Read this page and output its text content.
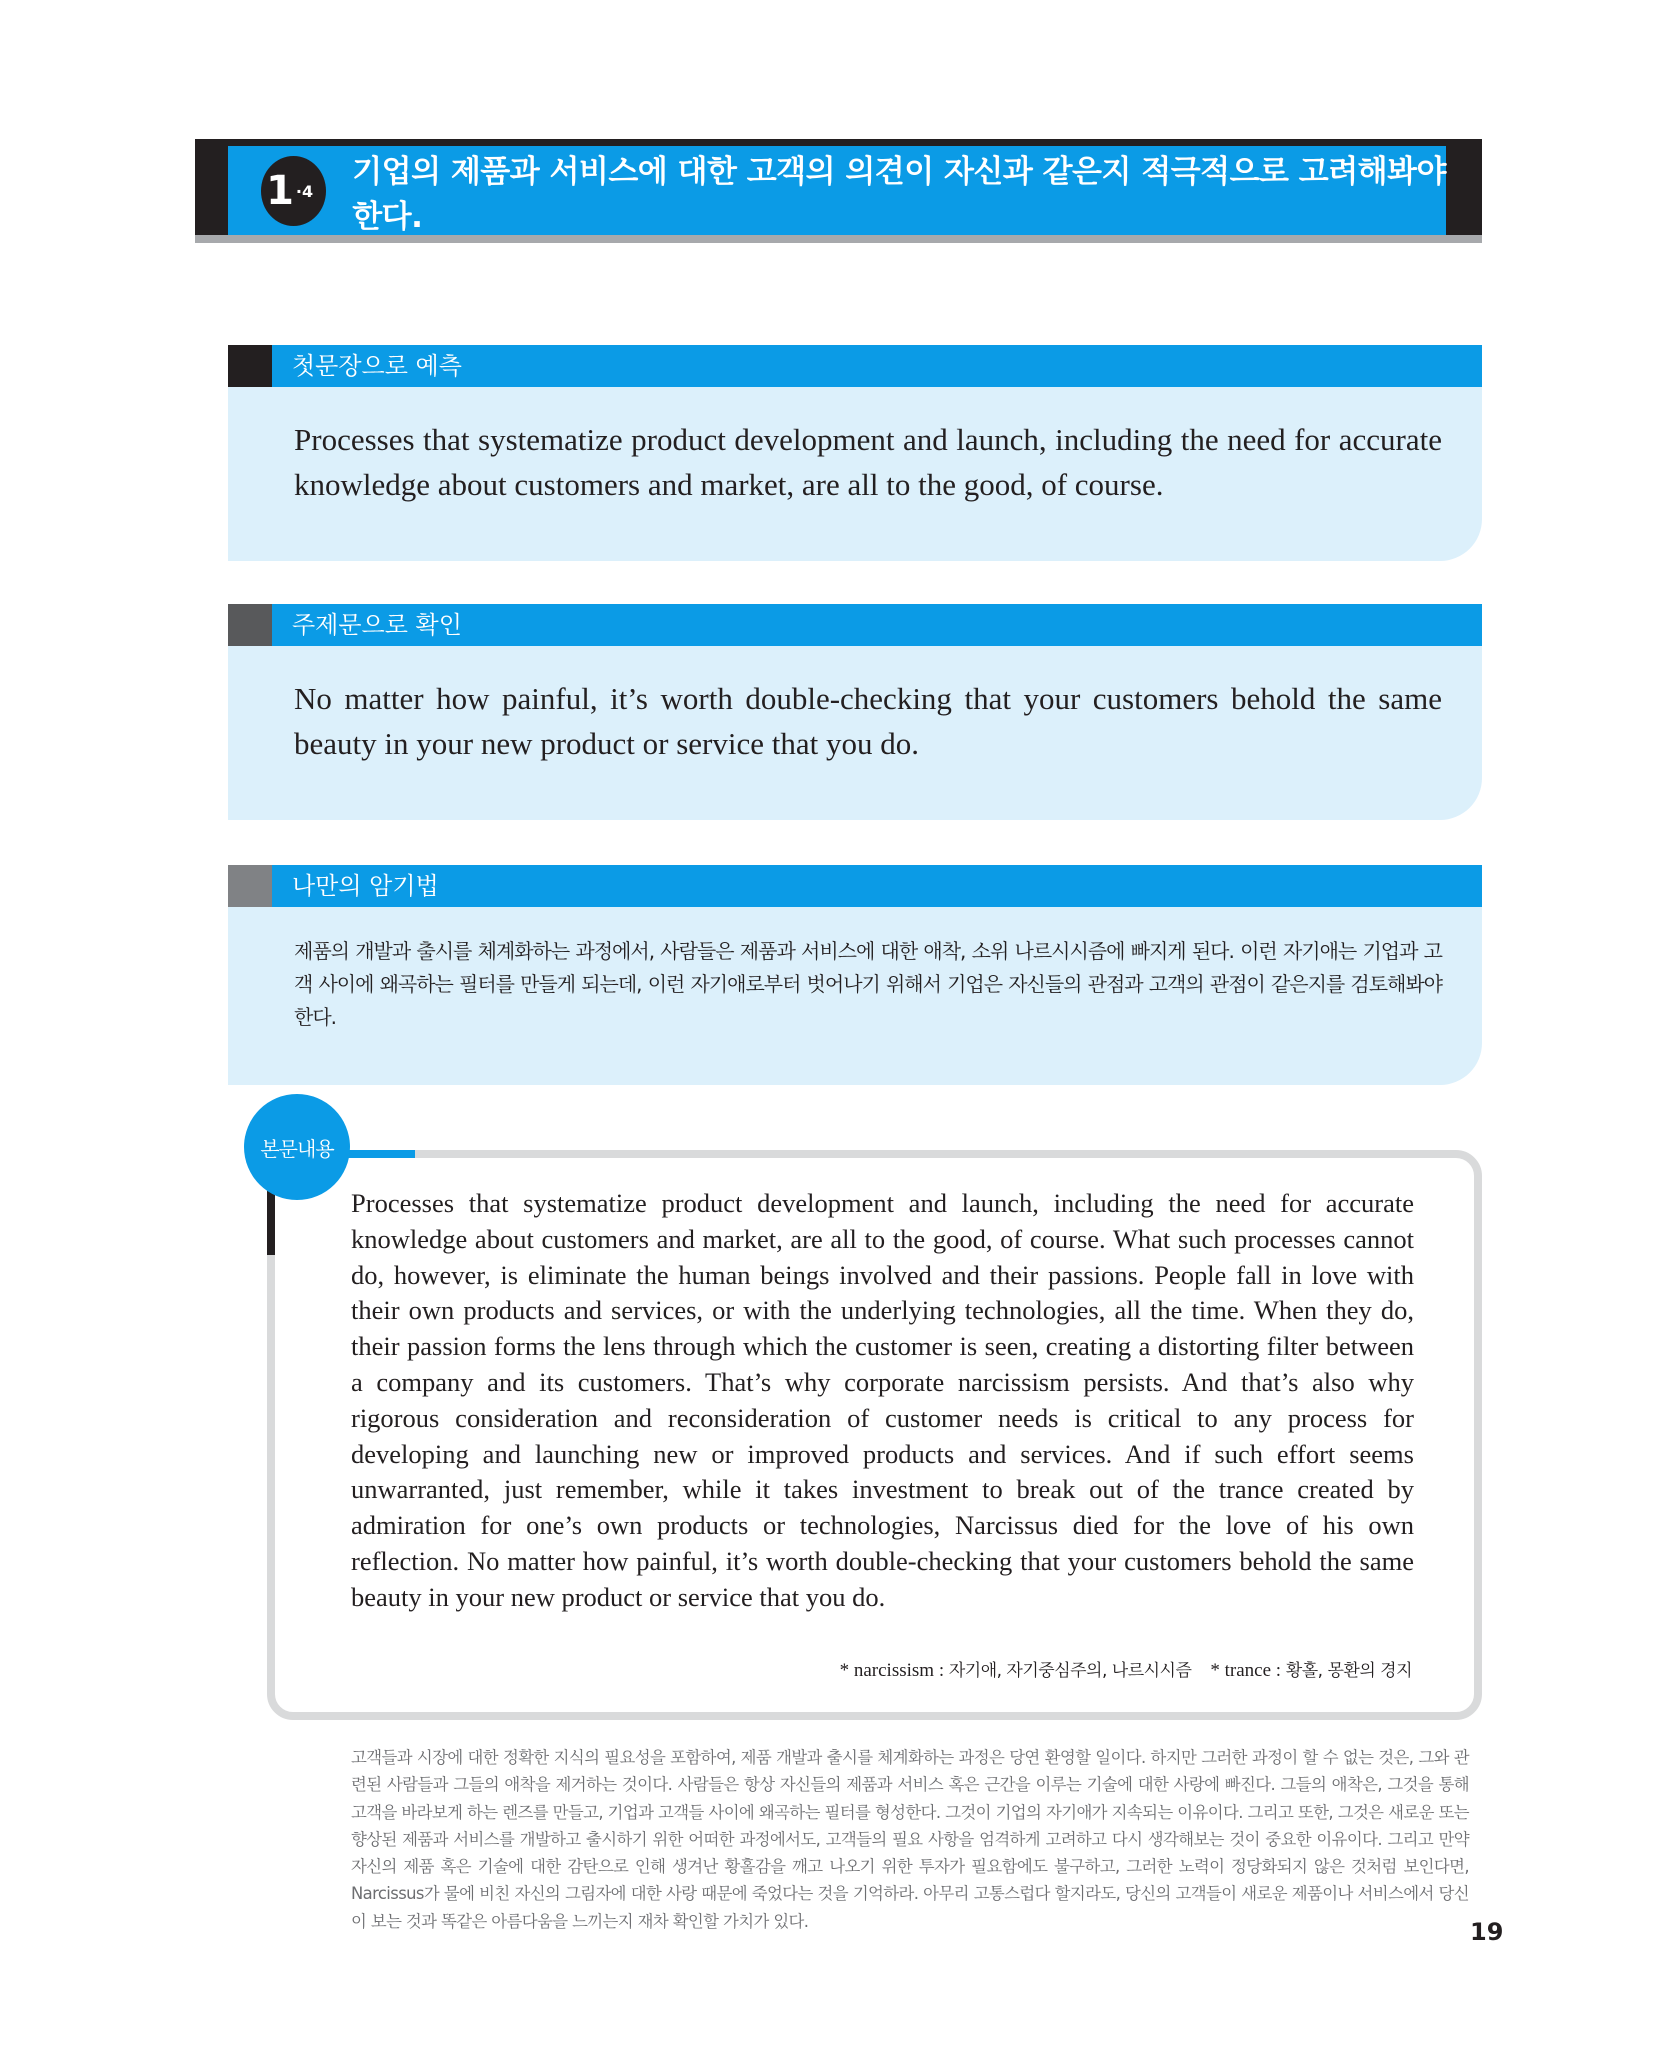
1 ·4
기업의 제품과 서비스에 대한 고객의 의견이 자신과 같은지 적극적으로 고려해봐야 한다.
첫문장으로 예측

Processes that systematize product development and launch, including the need for accurate knowledge about customers and market, are all to the good, of course.

주제문으로 확인

No matter how painful, it’s worth double-checking that your customers behold the same beauty in your new product or service that you do.

나만의 암기법

제품의 개발과 출시를 체계화하는 과정에서, 사람들은 제품과 서비스에 대한 애착, 소위 나르시시즘에 빠지게 된다. 이런 자기애는 기업과 고객 사이에 왜곡하는 필터를 만들게 되는데, 이런 자기애로부터 벗어나기 위해서 기업은 자신들의 관점과 고객의 관점이 같은지를 검토해봐야 한다.

본문내용

Processes that systematize product development and launch, including the need for accurate knowledge about customers and market, are all to the good, of course. What such processes cannot do, however, is eliminate the human beings involved and their passions. People fall in love with their own products and services, or with the underlying technologies, all the time. When they do, their passion forms the lens through which the customer is seen, creating a distorting filter between a company and its customers. That’s why corporate narcissism persists. And that’s also why rigorous consideration and reconsideration of customer needs is critical to any process for developing and launching new or improved products and services. And if such effort seems unwarranted, just remember, while it takes investment to break out of the trance created by admiration for one’s own products or technologies, Narcissus died for the love of his own reflection. No matter how painful, it’s worth double-checking that your customers behold the same beauty in your new product or service that you do.

* narcissism : 자기애, 자기중심주의, 나르시시즘 * trance : 황홀, 몽환의 경지

고객들과 시장에 대한 정확한 지식의 필요성을 포함하여, 제품 개발과 출시를 체계화하는 과정은 당연 환영할 일이다. 하지만 그러한 과정이 할 수 없는 것은, 그와 관련된 사람들과 그들의 애착을 제거하는 것이다. 사람들은 항상 자신들의 제품과 서비스 혹은 근간을 이루는 기술에 대한 사랑에 빠진다. 그들의 애착은, 그것을 통해 고객을 바라보게 하는 렌즈를 만들고, 기업과 고객들 사이에 왜곡하는 필터를 형성한다. 그것이 기업의 자기애가 지속되는 이유이다. 그리고 또한, 그것은 새로운 또는 향상된 제품과 서비스를 개발하고 출시하기 위한 어떠한 과정에서도, 고객들의 필요 사항을 엄격하게 고려하고 다시 생각해보는 것이 중요한 이유이다. 그리고 만약 자신의 제품 혹은 기술에 대한 감탄으로 인해 생겨난 황홀감을 깨고 나오기 위한 투자가 필요함에도 불구하고, 그러한 노력이 정당화되지 않은 것처럼 보인다면, Narcissus가 물에 비친 자신의 그림자에 대한 사랑 때문에 죽었다는 것을 기억하라. 아무리 고통스럽다 할지라도, 당신의 고객들이 새로운 제품이나 서비스에서 당신이 보는 것과 똑같은 아름다움을 느끼는지 재차 확인할 가치가 있다.	19
